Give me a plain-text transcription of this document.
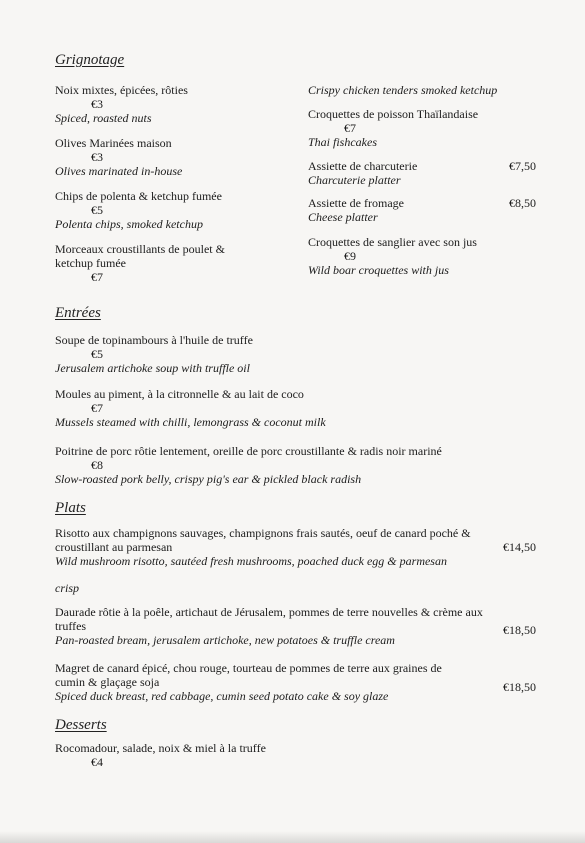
Grignotage
Noix mixtes, épicées, rôties
€3
Spiced, roasted nuts
Olives Marinées maison
€3
Olives marinated in-house
Chips de polenta & ketchup fumée
€5
Polenta chips, smoked ketchup
Morceaux croustillants de poulet & ketchup fumée
€7
Crispy chicken tenders smoked ketchup
Croquettes de poisson Thaïlandaise
€7
Thai fishcakes
Assiette de charcuterie
Charcuterie platter
€7,50
Assiette de fromage
Cheese platter
€8,50
Croquettes de sanglier avec son jus
€9
Wild boar croquettes with jus
Entrées
Soupe de topinambours à l'huile de truffe
€5
Jerusalem artichoke soup with truffle oil
Moules au piment, à la citronnelle & au lait de coco
€7
Mussels steamed with chilli, lemongrass & coconut milk
Poitrine de porc rôtie lentement, oreille de porc croustillante & radis noir mariné
€8
Slow-roasted pork belly, crispy pig's ear & pickled black radish
Plats
Risotto aux champignons sauvages, champignons frais sautés, oeuf de canard poché & croustillant au parmesan
Wild mushroom risotto, sautéed fresh mushrooms, poached duck egg & parmesan
€14,50
crisp
Daurade rôtie à la poêle, artichaut de Jérusalem, pommes de terre nouvelles & crème aux truffes
Pan-roasted bream, jerusalem artichoke, new potatoes & truffle cream
€18,50
Magret de canard épicé, chou rouge, tourteau de pommes de terre aux graines de cumin & glaçage soja
Spiced duck breast, red cabbage, cumin seed potato cake & soy glaze
€18,50
Desserts
Rocomadour, salade, noix & miel à la truffe
€4
